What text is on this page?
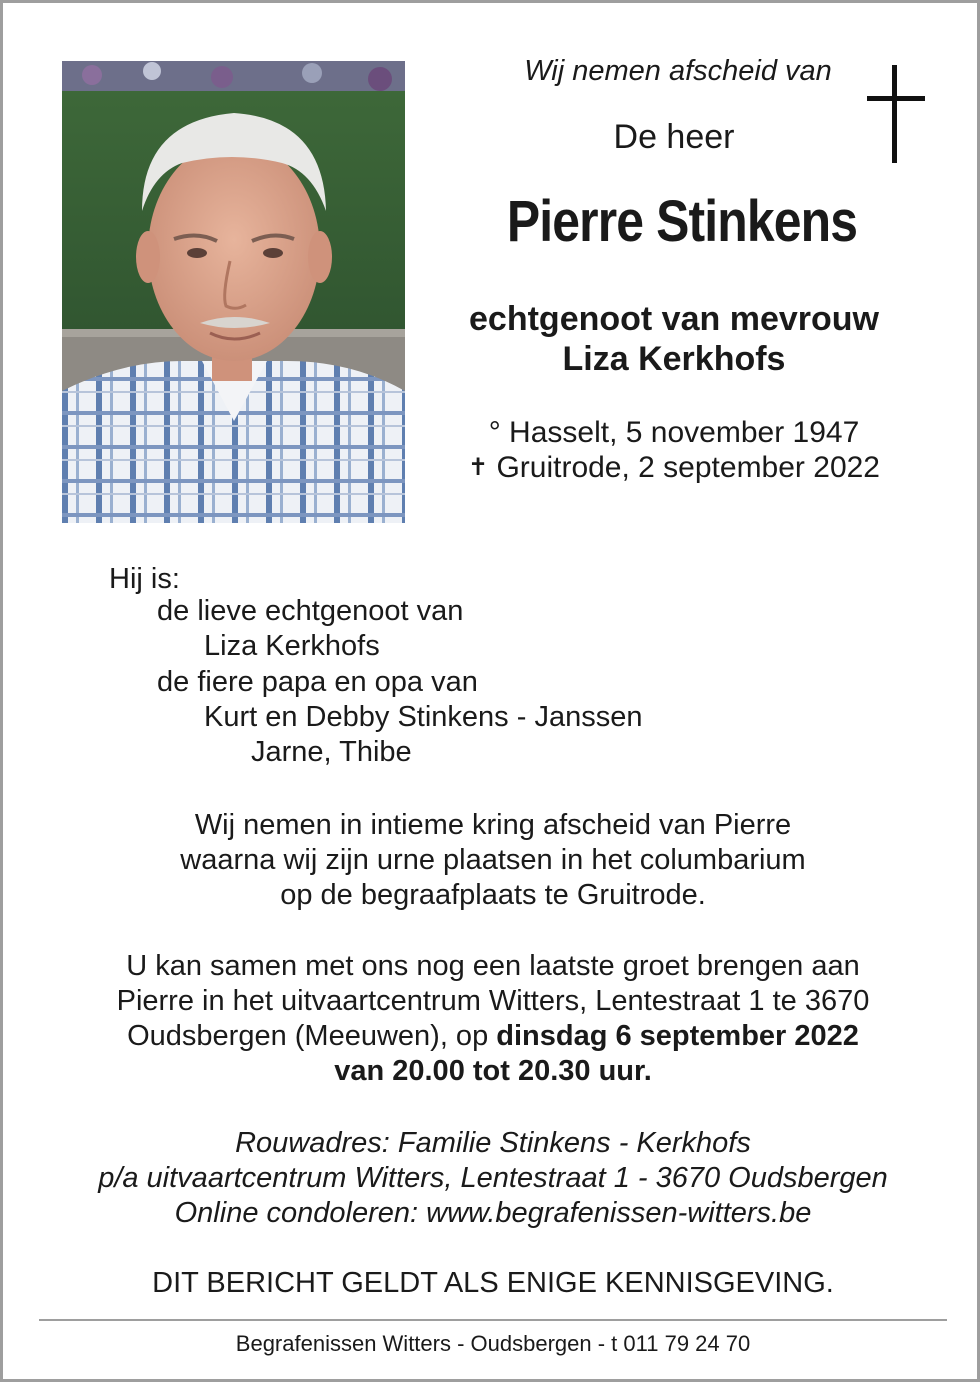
Wij nemen afscheid van
De heer
Pierre Stinkens
echtgenoot van mevrouw
Liza Kerkhofs
° Hasselt, 5 november 1947
✝ Gruitrode, 2 september 2022
Hij is:
de lieve echtgenoot van
Liza Kerkhofs
de fiere papa en opa van
Kurt en Debby Stinkens - Janssen
Jarne, Thibe
Wij nemen in intieme kring afscheid van Pierre
waarna wij zijn urne plaatsen in het columbarium
op de begraafplaats te Gruitrode.
U kan samen met ons nog een laatste groet brengen aan
Pierre in het uitvaartcentrum Witters, Lentestraat 1 te 3670
Oudsbergen (Meeuwen), op dinsdag 6 september 2022
van 20.00 tot 20.30 uur.
Rouwadres: Familie Stinkens - Kerkhofs
p/a uitvaartcentrum Witters, Lentestraat 1 - 3670 Oudsbergen
Online condoleren: www.begrafenissen-witters.be
DIT BERICHT GELDT ALS ENIGE KENNISGEVING.
Begrafenissen Witters - Oudsbergen - t 011 79 24 70
